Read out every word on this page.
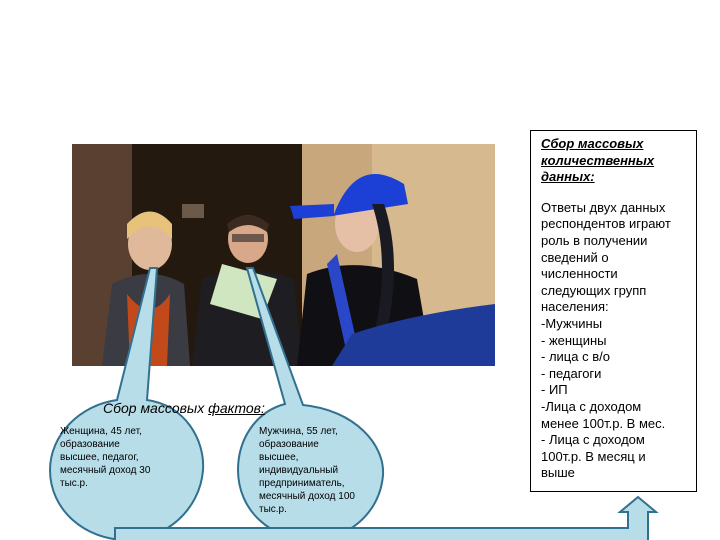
Сбор массовых фактов:
Женщина, 45 лет,
образование
высшее, педагог,
месячный доход 30
тыс.р.
Мужчина, 55 лет,
образование
высшее,
индивидуальный
предприниматель,
месячный доход 100
тыс.р.
Сбор массовых
количественных
данных:
Ответы двух данных
респондентов играют
роль в получении
сведений о
численности
следующих групп
населения:
-Мужчины
- женщины
- лица с в/о
- педагоги
- ИП
-Лица с доходом
менее 100т.р. В мес.
- Лица с доходом
100т.р. В месяц и
выше
